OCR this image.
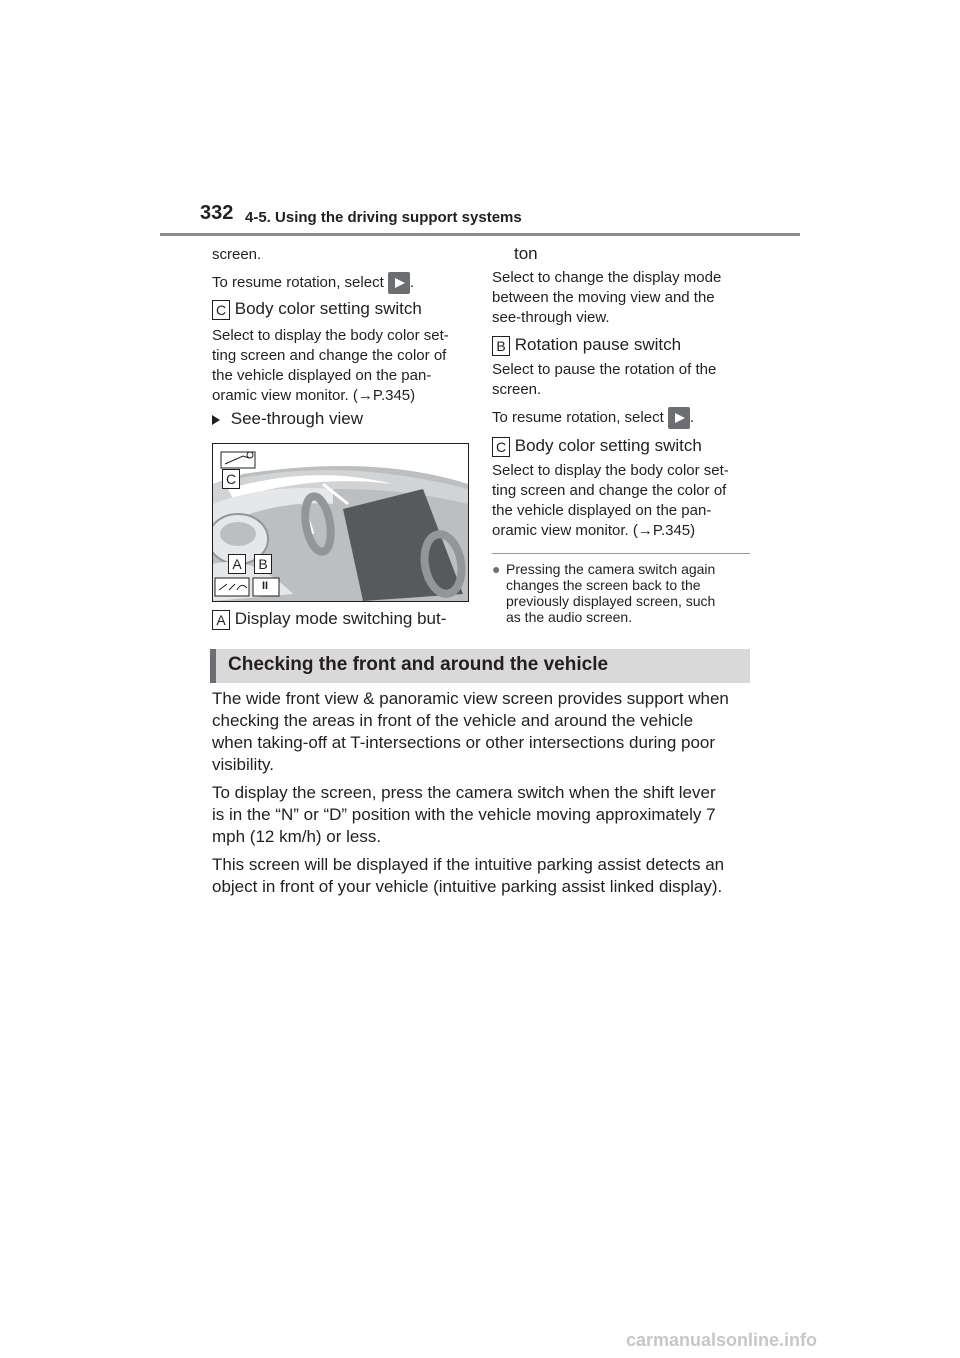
332 4-5. Using the driving support systems
screen.
To resume rotation, select .
C Body color setting switch
Select to display the body color set-
ting screen and change the color of
the vehicle displayed on the pan-
oramic view monitor. (→P.345)
See-through view
C
A	B
II
A Display mode switching but-
ton
Select to change the display mode
between the moving view and the
see-through view.
B Rotation pause switch
Select to pause the rotation of the
screen.
To resume rotation, select .
C Body color setting switch
Select to display the body color set-
ting screen and change the color of
the vehicle displayed on the pan-
oramic view monitor. (→P.345)
● Pressing the camera switch again
changes the screen back to the
previously displayed screen, such
as the audio screen.
Checking the front and around the vehicle
The wide front view & panoramic view screen provides support when
checking the areas in front of the vehicle and around the vehicle
when taking-off at T-intersections or other intersections during poor
visibility.
To display the screen, press the camera switch when the shift lever
is in the “N” or “D” position with the vehicle moving approximately 7
mph (12 km/h) or less.
This screen will be displayed if the intuitive parking assist detects an
object in front of your vehicle (intuitive parking assist linked display).
carmanualsonline.info
